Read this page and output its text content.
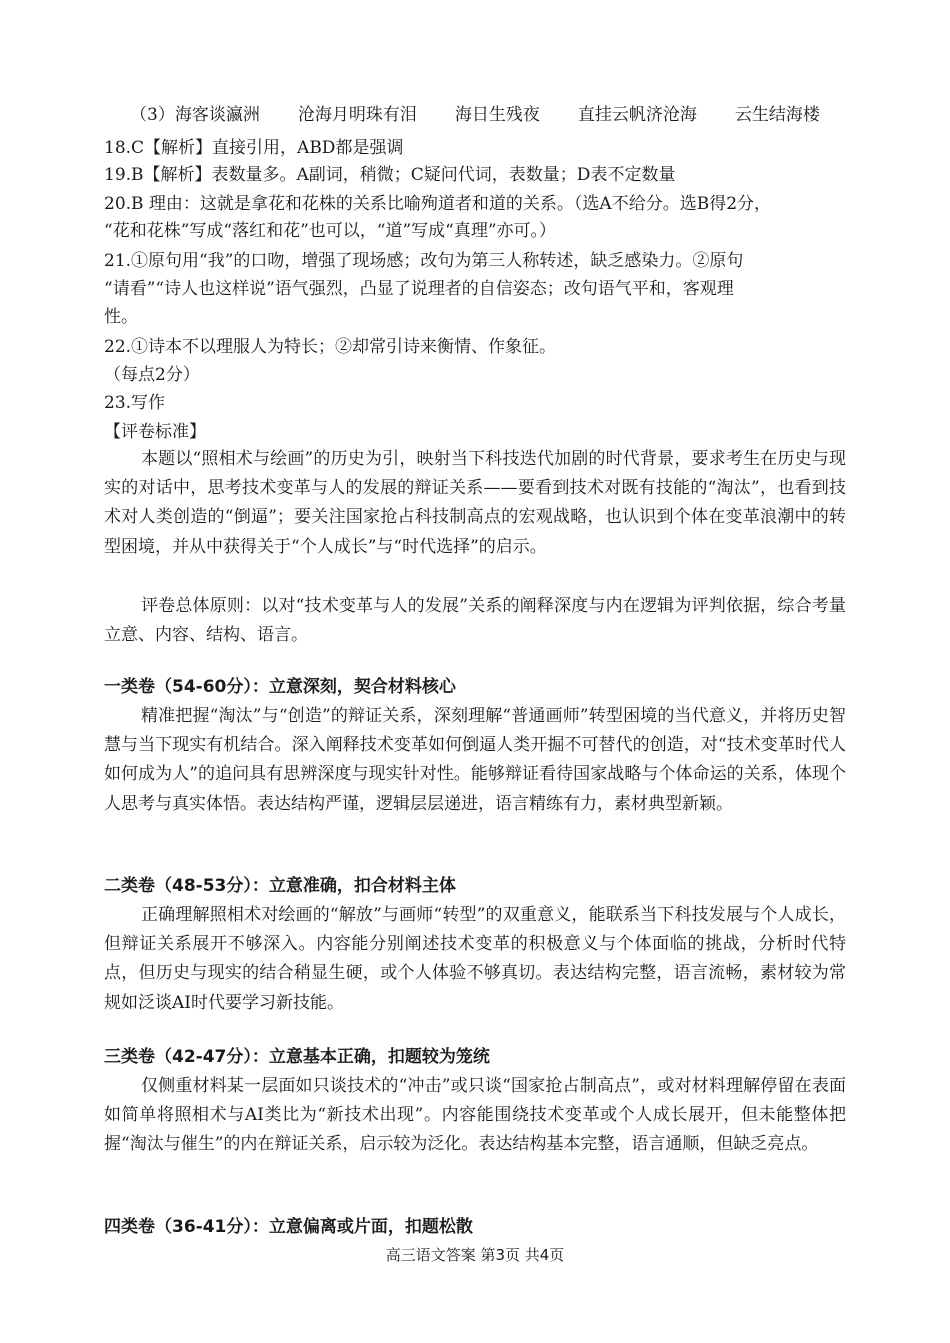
（3） 海客谈瀛洲 沧海月明珠有泪 海日生残夜 直挂云帆济沧海 云生结海楼
18.C【解析】直接引用，ABD都是强调
19.B【解析】表数量多。A副词，稍微；C疑问代词，表数量；D表不定数量
20.B 理由：这就是拿花和花株的关系比喻殉道者和道的关系。（选A不给分。选B得2分，
“花和花株”写成“落红和花”也可以，“道”写成“真理”亦可。）
21.①原句用“我”的口吻，增强了现场感；改句为第三人称转述，缺乏感染力。②原句
“请看”“诗人也这样说”语气强烈，凸显了说理者的自信姿态；改句语气平和，客观理
性。
22.①诗本不以理服人为特长；②却常引诗来衡情、作象征。
（每点2分）
23.写作
【评卷标准】
本题以“照相术与绘画”的历史为引，映射当下科技迭代加剧的时代背景，要求考生在历史与现实的对话中，思考技术变革与人的发展的辩证关系——要看到技术对既有技能的“淘汰”，也看到技术对人类创造的“倒逼”；要关注国家抢占科技制高点的宏观战略，也认识到个体在变革浪潮中的转型困境，并从中获得关于“个人成长”与“时代选择”的启示。
评卷总体原则：以对“技术变革与人的发展”关系的阐释深度与内在逻辑为评判依据，综合考量立意、内容、结构、语言。
一类卷（54-60分）：立意深刻，契合材料核心
精准把握“淘汰”与“创造”的辩证关系，深刻理解“普通画师”转型困境的当代意义，并将历史智慧与当下现实有机结合。深入阐释技术变革如何倒逼人类开掘不可替代的创造，对“技术变革时代人如何成为人”的追问具有思辨深度与现实针对性。能够辩证看待国家战略与个体命运的关系，体现个人思考与真实体悟。表达结构严谨，逻辑层层递进，语言精练有力，素材典型新颖。
二类卷（48-53分）：立意准确，扣合材料主体
正确理解照相术对绘画的“解放”与画师“转型”的双重意义，能联系当下科技发展与个人成长，但辩证关系展开不够深入。内容能分别阐述技术变革的积极意义与个体面临的挑战，分析时代特点，但历史与现实的结合稍显生硬，或个人体验不够真切。表达结构完整，语言流畅，素材较为常规如泛谈AI时代要学习新技能。
三类卷（42-47分）：立意基本正确，扣题较为笼统
仅侧重材料某一层面如只谈技术的“冲击”或只谈“国家抢占制高点”，或对材料理解停留在表面如简单将照相术与AI类比为“新技术出现”。内容能围绕技术变革或个人成长展开，但未能整体把握“淘汰与催生”的内在辩证关系，启示较为泛化。表达结构基本完整，语言通顺，但缺乏亮点。
四类卷（36-41分）：立意偏离或片面，扣题松散
高三语文答案 第3页 共4页
